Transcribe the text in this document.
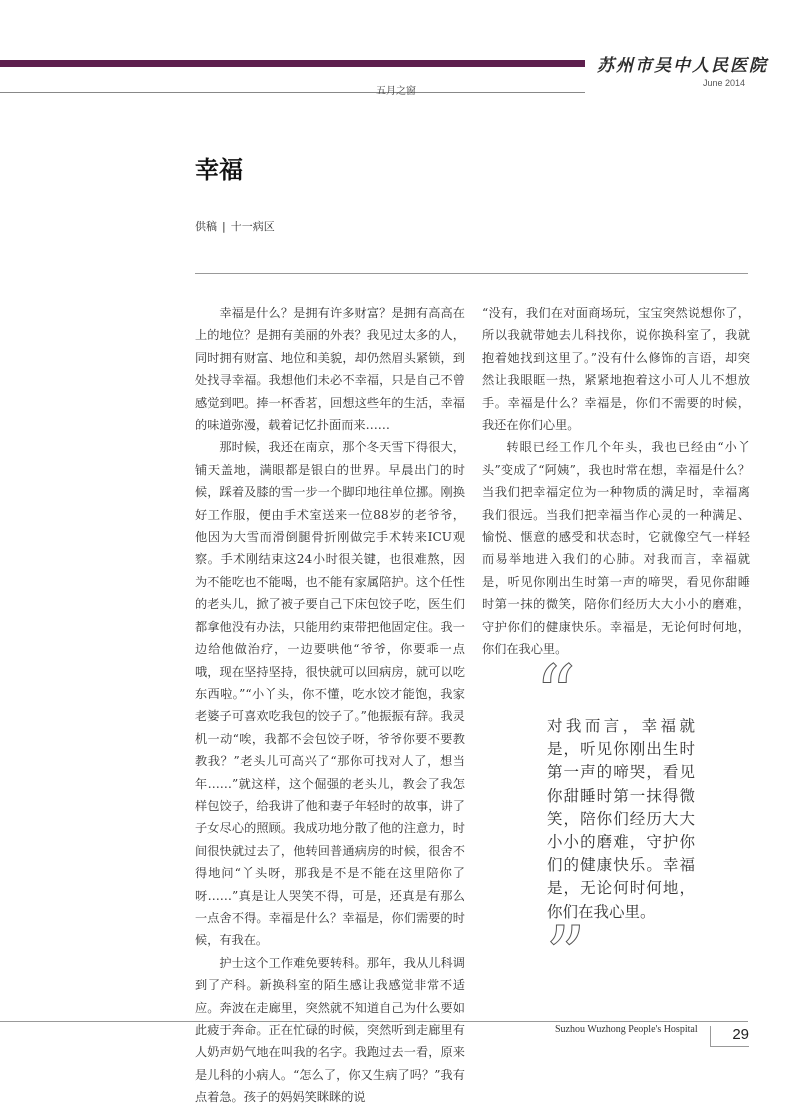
苏州市吴中人民医院
June 2014
五月之窗
幸福
供稿 | 十一病区

幸福是什么？是拥有许多财富？是拥有高高在上的地位？是拥有美丽的外表？我见过太多的人，同时拥有财富、地位和美貌，却仍然眉头紧锁，到处找寻幸福。我想他们未必不幸福，只是自己不曾感觉到吧。捧一杯香茗，回想这些年的生活，幸福的味道弥漫，载着记忆扑面而来……

那时候，我还在南京，那个冬天雪下得很大，铺天盖地，满眼都是银白的世界。早晨出门的时候，踩着及膝的雪一步一个脚印地往单位挪。刚换好工作服，便由手术室送来一位88岁的老爷爷，他因为大雪而滑倒腿骨折刚做完手术转来ICU观察。手术刚结束这24小时很关键，也很难熬，因为不能吃也不能喝，也不能有家属陪护。这个任性的老头儿，掀了被子要自己下床包饺子吃，医生们都拿他没有办法，只能用约束带把他固定住。我一边给他做治疗，一边要哄他“爷爷，你要乖一点哦，现在坚持坚持，很快就可以回病房，就可以吃东西啦。”“小丫头，你不懂，吃水饺才能饱，我家老婆子可喜欢吃我包的饺子了。”他振振有辞。我灵机一动“唉，我都不会包饺子呀，爷爷你要不要教教我？”老头儿可高兴了“那你可找对人了，想当年……”就这样，这个倔强的老头儿，教会了我怎样包饺子，给我讲了他和妻子年轻时的故事，讲了子女尽心的照顾。我成功地分散了他的注意力，时间很快就过去了，他转回普通病房的时候，很舍不得地问“丫头呀，那我是不是不能在这里陪你了呀……”真是让人哭笑不得，可是，还真是有那么一点舍不得。幸福是什么？幸福是，你们需要的时候，有我在。

护士这个工作难免要转科。那年，我从儿科调到了产科。新换科室的陌生感让我感觉非常不适应。奔波在走廊里，突然就不知道自己为什么要如此疲于奔命。正在忙碌的时候，突然听到走廊里有人奶声奶气地在叫我的名字。我跑过去一看，原来是儿科的小病人。“怎么了，你又生病了吗？”我有点着急。孩子的妈妈笑眯眯的说

“没有，我们在对面商场玩，宝宝突然说想你了，所以我就带她去儿科找你，说你换科室了，我就抱着她找到这里了。”没有什么修饰的言语，却突然让我眼眶一热，紧紧地抱着这小可人儿不想放手。幸福是什么？幸福是，你们不需要的时候，我还在你们心里。

转眼已经工作几个年头，我也已经由“小丫头”变成了“阿姨”，我也时常在想，幸福是什么？当我们把幸福定位为一种物质的满足时，幸福离我们很远。当我们把幸福当作心灵的一种满足、愉悦、惬意的感受和状态时，它就像空气一样轻而易举地进入我们的心肺。对我而言，幸福就是，听见你刚出生时第一声的啼哭，看见你甜睡时第一抹的微笑，陪你们经历大大小小的磨难，守护你们的健康快乐。幸福是，无论何时何地，你们在我心里。

“
对我而言，幸福就是，听见你刚出生时第一声的啼哭，看见你甜睡时第一抹得微笑，陪你们经历大大小小的磨难，守护你们的健康快乐。幸福是，无论何时何地，你们在我心里。
”
Suzhou Wuzhong People's Hospital	29
